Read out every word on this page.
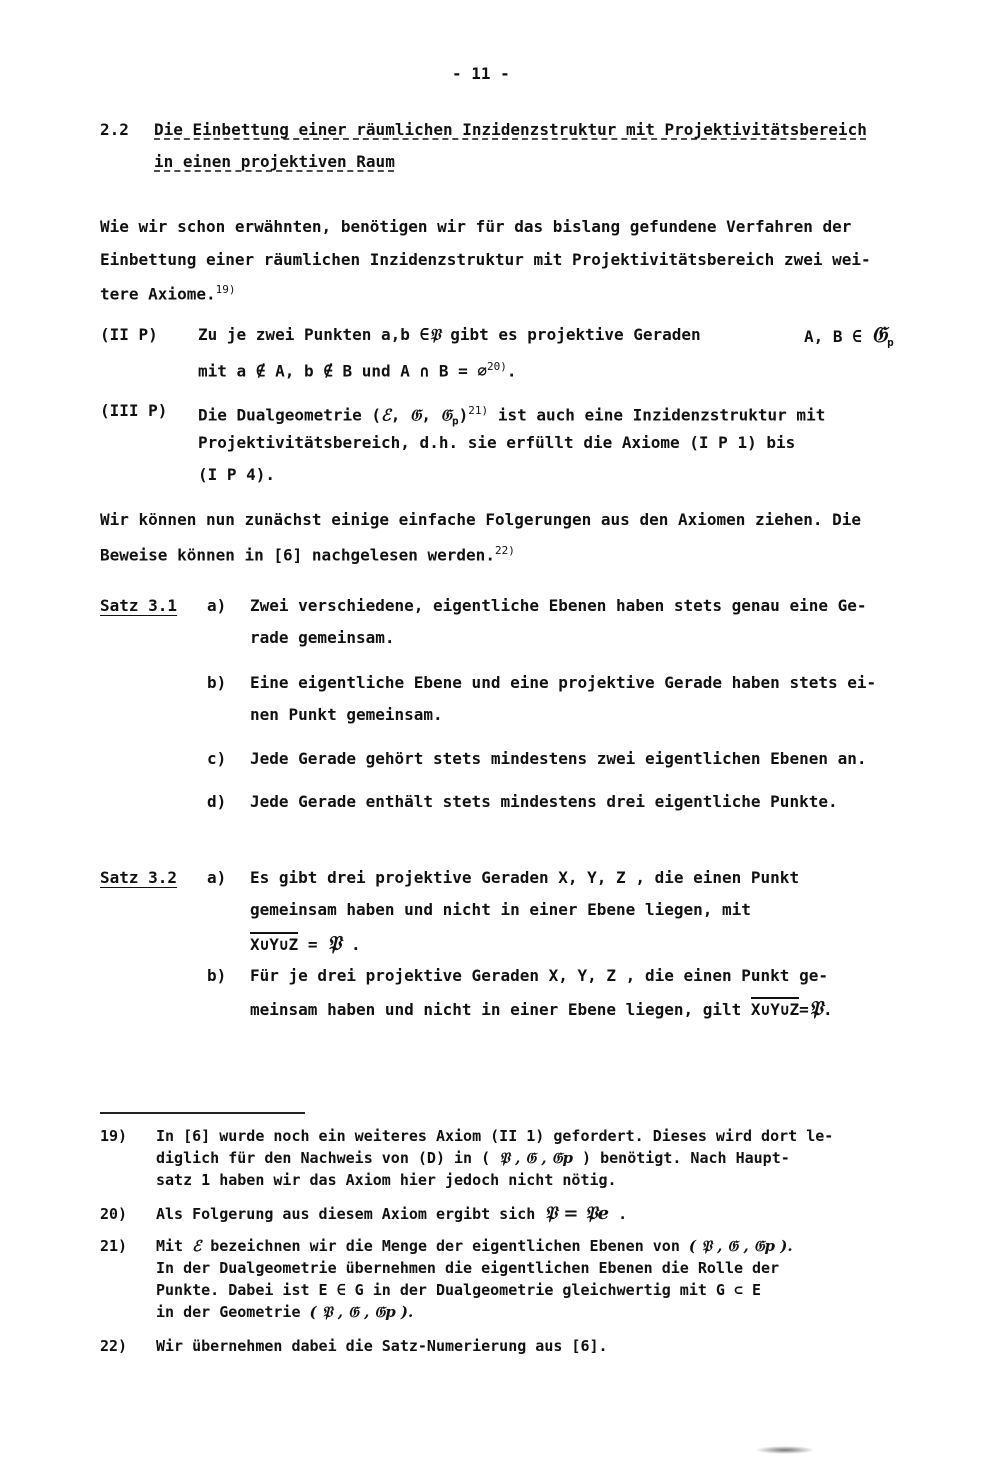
- 11 -
2.2 Die Einbettung einer räumlichen Inzidenzstruktur mit Projektivitätsbereich
in einen projektiven Raum
Wie wir schon erwähnten, benötigen wir für das bislang gefundene Verfahren der
Einbettung einer räumlichen Inzidenzstruktur mit Projektivitätsbereich zwei wei-
tere Axiome.$^{19)}$
(II P)	Zu je zwei Punkten a,b ∈𝔓 gibt es projektive Geraden	A, B ∈ 𝔊$_p$
mit a ∉ A, b ∉ B und A ∩ B = ∅$^{20)}$.
(III P) Die Dualgeometrie (ℰ, 𝔊, 𝔊$_p$)$^{21)}$ ist auch eine Inzidenzstruktur mit
Projektivitätsbereich, d.h. sie erfüllt die Axiome (I P 1) bis
(I P 4).
Wir können nun zunächst einige einfache Folgerungen aus den Axiomen ziehen. Die
Beweise können in [6] nachgelesen werden.$^{22)}$
Satz 3.1 a) Zwei verschiedene, eigentliche Ebenen haben stets genau eine Ge-
rade gemeinsam.
b) Eine eigentliche Ebene und eine projektive Gerade haben stets ei-
nen Punkt gemeinsam.
c) Jede Gerade gehört stets mindestens zwei eigentlichen Ebenen an.
d) Jede Gerade enthält stets mindestens drei eigentliche Punkte.
Satz 3.2 a) Es gibt drei projektive Geraden X, Y, Z , die einen Punkt
gemeinsam haben und nicht in einer Ebene liegen, mit
X∪Y∪Z = 𝔓 .
b) Für je drei projektive Geraden X, Y, Z , die einen Punkt ge-
meinsam haben und nicht in einer Ebene liegen, gilt X∪Y∪Z=𝔓.
19) In [6] wurde noch ein weiteres Axiom (II 1) gefordert. Dieses wird dort le-
diglich für den Nachweis von (D) in ( 𝔓 , 𝔊 , 𝔊p ) benötigt. Nach Haupt-
satz 1 haben wir das Axiom hier jedoch nicht nötig.
20) Als Folgerung aus diesem Axiom ergibt sich 𝔓 = 𝔓e .
21) Mit ℰ bezeichnen wir die Menge der eigentlichen Ebenen von ( 𝔓 , 𝔊 , 𝔊p ).
In der Dualgeometrie übernehmen die eigentlichen Ebenen die Rolle der
Punkte. Dabei ist E ∈ G in der Dualgeometrie gleichwertig mit G ⊂ E
in der Geometrie ( 𝔓 , 𝔊 , 𝔊p ).
22) Wir übernehmen dabei die Satz-Numerierung aus [6].
